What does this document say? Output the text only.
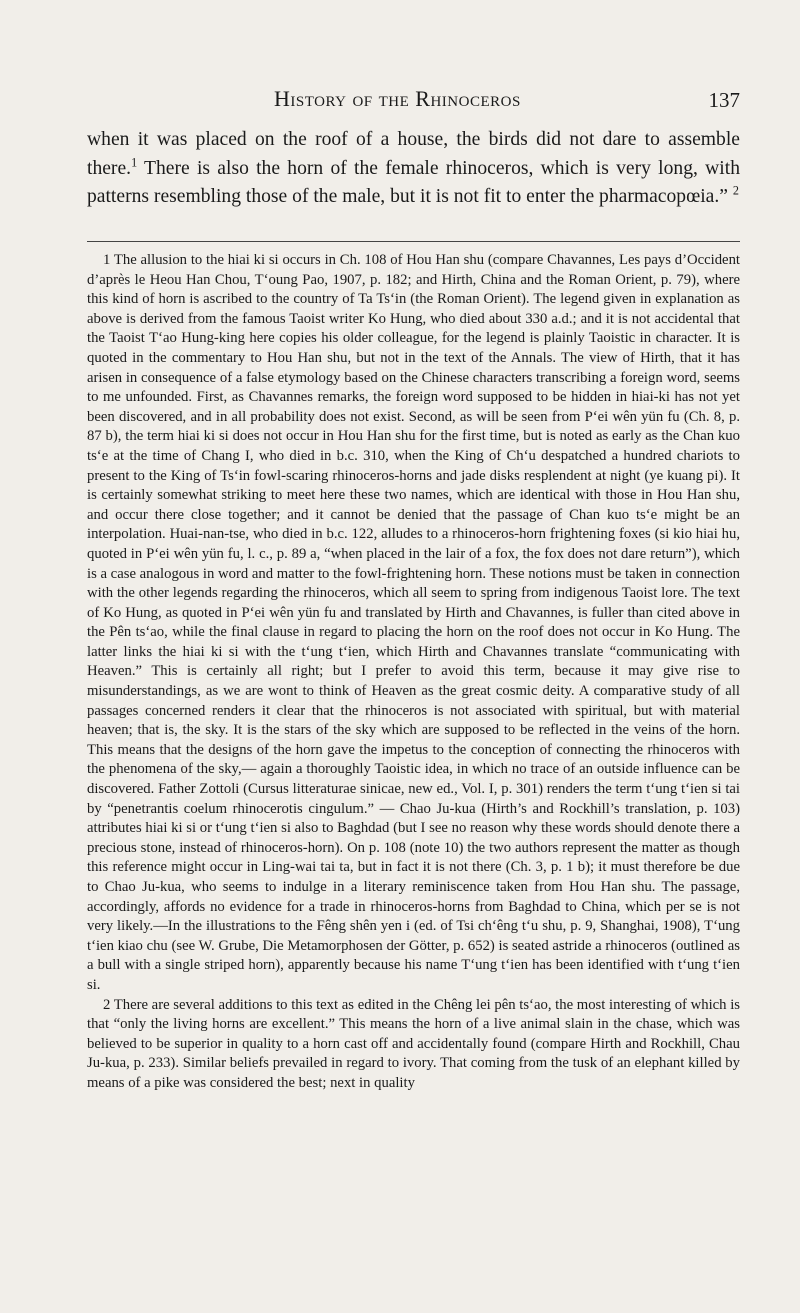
History of the Rhinoceros	137

when it was placed on the roof of a house, the birds did not dare to assemble there.$^1$ There is also the horn of the female rhinoceros, which is very long, with patterns resembling those of the male, but it is not fit to enter the pharmacopœia.” $^2$

1 The allusion to the hiai ki si occurs in Ch. 108 of Hou Han shu (compare Chavannes, Les pays d’Occident d’après le Heou Han Chou, T‘oung Pao, 1907, p. 182; and Hirth, China and the Roman Orient, p. 79), where this kind of horn is ascribed to the country of Ta Ts‘in (the Roman Orient). The legend given in explanation as above is derived from the famous Taoist writer Ko Hung, who died about 330 a.d.; and it is not accidental that the Taoist T‘ao Hung-king here copies his older colleague, for the legend is plainly Taoistic in character. It is quoted in the commentary to Hou Han shu, but not in the text of the Annals. The view of Hirth, that it has arisen in consequence of a false etymology based on the Chinese characters transcribing a foreign word, seems to me unfounded. First, as Chavannes remarks, the foreign word supposed to be hidden in hiai-ki has not yet been discovered, and in all probability does not exist. Second, as will be seen from P‘ei wên yün fu (Ch. 8, p. 87 b), the term hiai ki si does not occur in Hou Han shu for the first time, but is noted as early as the Chan kuo ts‘e at the time of Chang I, who died in b.c. 310, when the King of Ch‘u despatched a hundred chariots to present to the King of Ts‘in fowl-scaring rhinoceros-horns and jade disks resplendent at night (ye kuang pi). It is certainly somewhat striking to meet here these two names, which are identical with those in Hou Han shu, and occur there close together; and it cannot be denied that the passage of Chan kuo ts‘e might be an interpolation. Huai-nan-tse, who died in b.c. 122, alludes to a rhinoceros-horn frightening foxes (si kio hiai hu, quoted in P‘ei wên yün fu, l. c., p. 89 a, “when placed in the lair of a fox, the fox does not dare return”), which is a case analogous in word and matter to the fowl-frightening horn. These notions must be taken in connection with the other legends regarding the rhinoceros, which all seem to spring from indigenous Taoist lore. The text of Ko Hung, as quoted in P‘ei wên yün fu and translated by Hirth and Chavannes, is fuller than cited above in the Pên ts‘ao, while the final clause in regard to placing the horn on the roof does not occur in Ko Hung. The latter links the hiai ki si with the t‘ung t‘ien, which Hirth and Chavannes translate “communicating with Heaven.” This is certainly all right; but I prefer to avoid this term, because it may give rise to misunderstandings, as we are wont to think of Heaven as the great cosmic deity. A comparative study of all passages concerned renders it clear that the rhinoceros is not associated with spiritual, but with material heaven; that is, the sky. It is the stars of the sky which are supposed to be reflected in the veins of the horn. This means that the designs of the horn gave the impetus to the conception of connecting the rhinoceros with the phenomena of the sky,— again a thoroughly Taoistic idea, in which no trace of an outside influence can be discovered. Father Zottoli (Cursus litteraturae sinicae, new ed., Vol. I, p. 301) renders the term t‘ung t‘ien si tai by “penetrantis coelum rhinocerotis cingulum.” — Chao Ju-kua (Hirth’s and Rockhill’s translation, p. 103) attributes hiai ki si or t‘ung t‘ien si also to Baghdad (but I see no reason why these words should denote there a precious stone, instead of rhinoceros-horn). On p. 108 (note 10) the two authors represent the matter as though this reference might occur in Ling-wai tai ta, but in fact it is not there (Ch. 3, p. 1 b); it must therefore be due to Chao Ju-kua, who seems to indulge in a literary reminiscence taken from Hou Han shu. The passage, accordingly, affords no evidence for a trade in rhinoceros-horns from Baghdad to China, which per se is not very likely.—In the illustrations to the Fêng shên yen i (ed. of Tsi ch‘êng t‘u shu, p. 9, Shanghai, 1908), T‘ung t‘ien kiao chu (see W. Grube, Die Metamorphosen der Götter, p. 652) is seated astride a rhinoceros (outlined as a bull with a single striped horn), apparently because his name T‘ung t‘ien has been identified with t‘ung t‘ien si.

2 There are several additions to this text as edited in the Chêng lei pên ts‘ao, the most interesting of which is that “only the living horns are excellent.” This means the horn of a live animal slain in the chase, which was believed to be superior in quality to a horn cast off and accidentally found (compare Hirth and Rockhill, Chau Ju-kua, p. 233). Similar beliefs prevailed in regard to ivory. That coming from the tusk of an elephant killed by means of a pike was considered the best; next in quality
